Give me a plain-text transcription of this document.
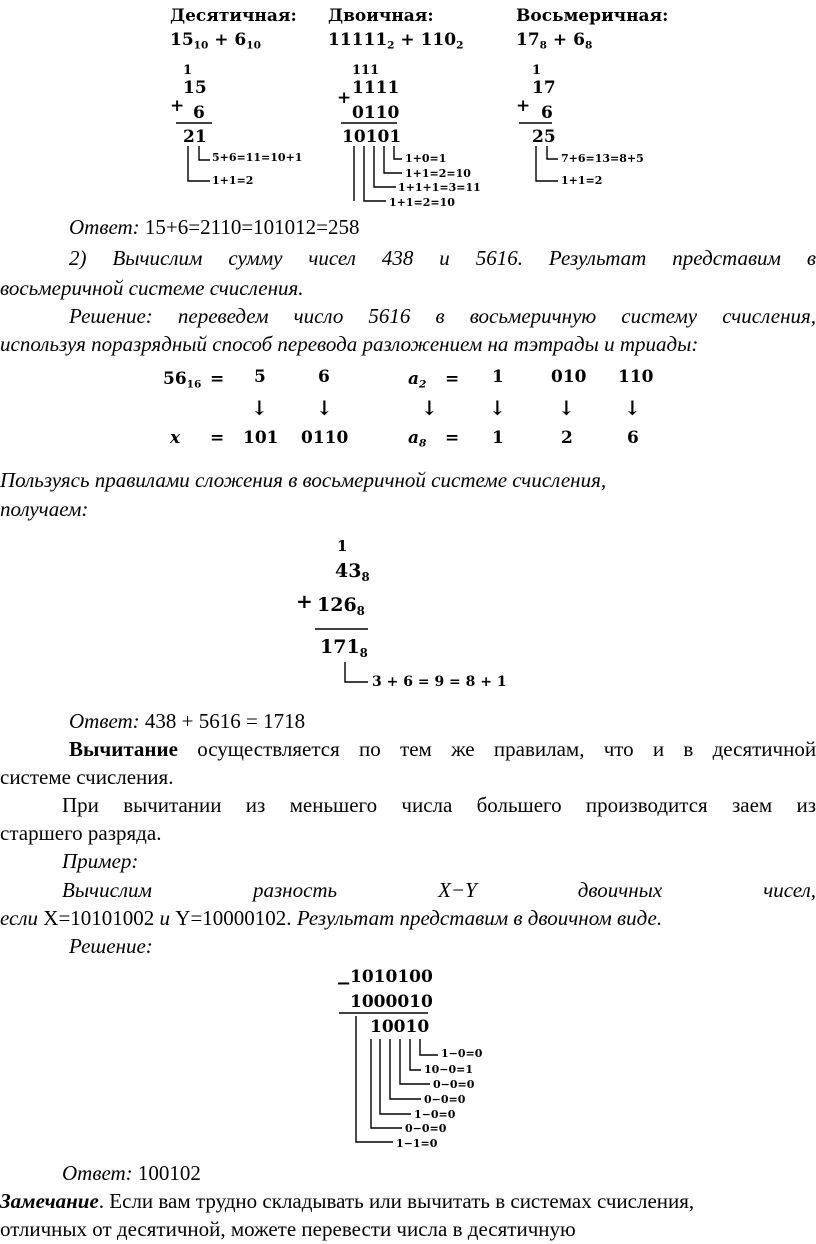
Десятичная:
$15_{10} + 6_{10}$
1
15
+ 6
21
5+6=11=10+1
1+1=2
Двоичная:
$11111_2 + 110_2$
111
1111
+
0110
10101
1+0=1
1+1=2=10
1+1+1=3=11
1+1=2=10
Восьмеричная:
$17_8 + 6_8$
1
17
+ 6
25
7+6=13=8+5
1+1=2
Ответ: 15+6=2110=101012=258
2) Вычислим сумму чисел 438 и 5616. Результат представим в
восьмеричной системе счисления.
Решение: переведем число 5616 в восьмеричную систему счисления,
используя поразрядный способ перевода разложением на тэтрады и триады:
$56_{16} = 5$	6
↓ ↓
x = 101 0110
$a_2 = 1$	010 110
↓	↓	↓ ↓
$a_8 = 1$	2	6
Пользуясь правилами сложения в восьмеричной системе счисления,
получаем:
1
$43_8$
+ $126_8$
$171_8$
3 + 6 = 9 = 8 + 1
Ответ: 438 + 5616 = 1718
Вычитание осуществляется по тем же правилам, что и в десятичной
системе счисления.
При вычитании из меньшего числа большего производится заем из
старшего разряда.
Пример:
Вычислим	разность X−Y двоичных	чисел,
если X=10101002 и Y=10000102. Результат представим в двоичном виде.
Решение:
−
1010100
1000010
10010
1−0=0
10−0=1
0−0=0
0−0=0
1−0=0
0−0=0
1−1=0
Ответ: 100102
Замечание. Если вам трудно складывать или вычитать в системах счисления,
отличных от десятичной, можете перевести числа в десятичную
